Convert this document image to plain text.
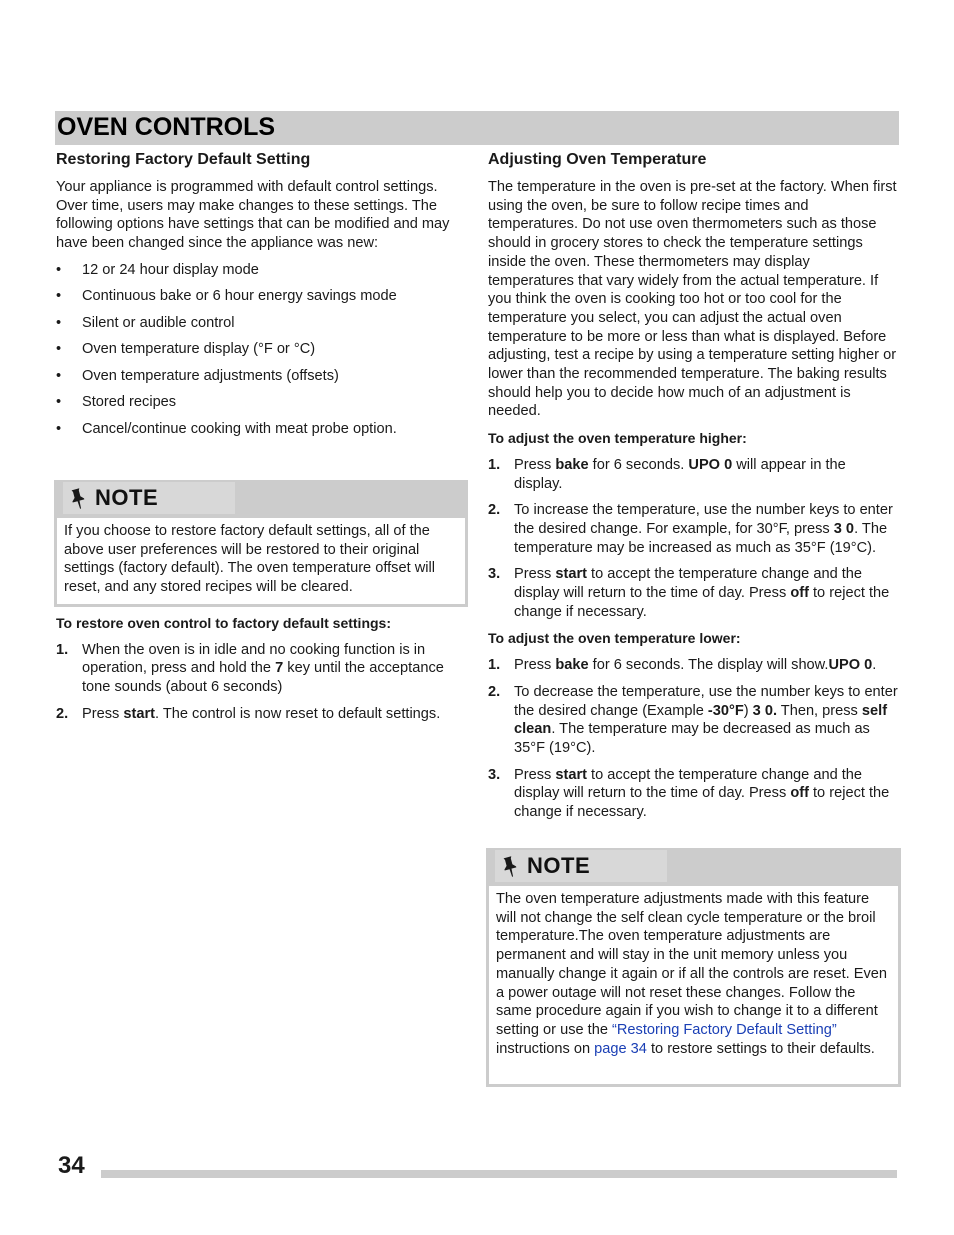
OVEN CONTROLS
Restoring Factory Default Setting

Your appliance is programmed with default control settings. Over time, users may make changes to these settings. The following options have settings that can be modified and may have been changed since the appliance was new:

• 12 or 24 hour display mode
• Continuous bake or 6 hour energy savings mode
• Silent or audible control
• Oven temperature display (°F or °C)
• Oven temperature adjustments (offsets)
• Stored recipes
• Cancel/continue cooking with meat probe option.
NOTE

If you choose to restore factory default settings, all of the above user preferences will be restored to their original settings (factory default). The oven temperature offset will reset, and any stored recipes will be cleared.

To restore oven control to factory default settings:

1. When the oven is in idle and no cooking function is in operation, press and hold the 7 key until the acceptance tone sounds (about 6 seconds)
2. Press start. The control is now reset to default settings.
Adjusting Oven Temperature

The temperature in the oven is pre-set at the factory. When first using the oven, be sure to follow recipe times and temperatures. Do not use oven thermometers such as those should in grocery stores to check the temperature settings inside the oven. These thermometers may display temperatures that vary widely from the actual temperature. If you think the oven is cooking too hot or too cool for the temperature you select, you can adjust the actual oven temperature to be more or less than what is displayed. Before adjusting, test a recipe by using a temperature setting higher or lower than the recommended temperature. The baking results should help you to decide how much of an adjustment is needed.

To adjust the oven temperature higher:

1. Press bake for 6 seconds. UPO 0 will appear in the display.
2. To increase the temperature, use the number keys to enter the desired change. For example, for 30°F, press 3 0. The temperature may be increased as much as 35°F (19°C).
3. Press start to accept the temperature change and the display will return to the time of day. Press off to reject the change if necessary.

To adjust the oven temperature lower:

1. Press bake for 6 seconds. The display will show.UPO 0.
2. To decrease the temperature, use the number keys to enter the desired change (Example -30°F) 3 0. Then, press self clean. The temperature may be decreased as much as 35°F (19°C).
3. Press start to accept the temperature change and the display will return to the time of day. Press off to reject the change if necessary.
NOTE

The oven temperature adjustments made with this feature will not change the self clean cycle temperature or the broil temperature.The oven temperature adjustments are permanent and will stay in the unit memory unless you manually change it again or if all the controls are reset. Even a power outage will not reset these changes. Follow the same procedure again if you wish to change it to a different setting or use the “Restoring Factory Default Setting” instructions on page 34 to restore settings to their defaults.

34
